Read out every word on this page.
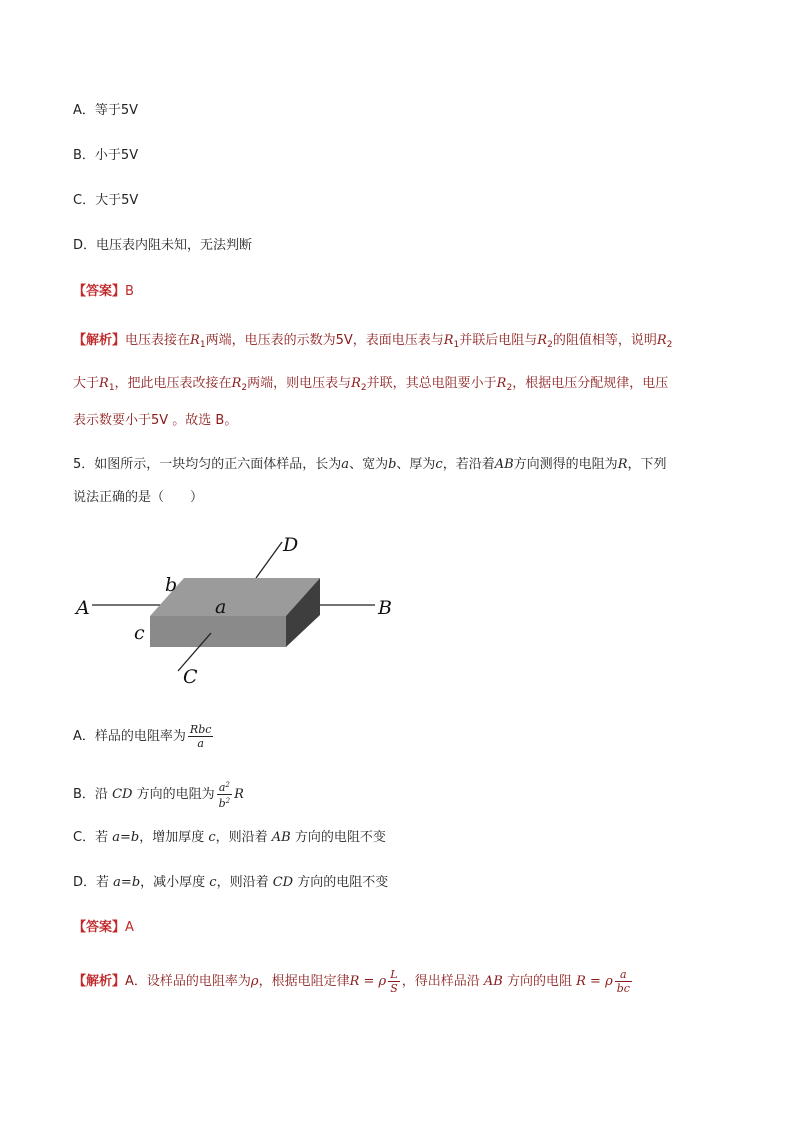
A．等于5V
B．小于5V
C．大于5V
D．电压表内阻未知，无法判断
【答案】B
【解析】电压表接在$R_1$两端，电压表的示数为5V，表面电压表与$R_1$并联后电阻与$R_2$的阻值相等，说明$R_2$
大于$R_1$，把此电压表改接在$R_2$两端，则电压表与$R_2$并联，其总电阻要小于$R_2$，根据电压分配规律，电压
表示数要小于5V 。故选 B。
5．如图所示，一块均匀的正六面体样品，长为a、宽为b、厚为c，若沿着AB方向测得的电阻为R，下列
说法正确的是（　　）
A	B
C
D
a
b
c
A．样品的电阻率为 $\frac{\text{Rbc}}{a}$
B．沿 CD 方向的电阻为 $\frac{a^2}{b^2}$ R
C．若 a=b，增加厚度 c，则沿着 AB 方向的电阻不变
D．若 a=b，减小厚度 c，则沿着 CD 方向的电阻不变
【答案】A
【解析】A．设样品的电阻率为ρ，根据电阻定律R = ρ $\frac{L}{S}$ ，得出样品沿 AB 方向的电阻 R = ρ $\frac{a}{bc}$
